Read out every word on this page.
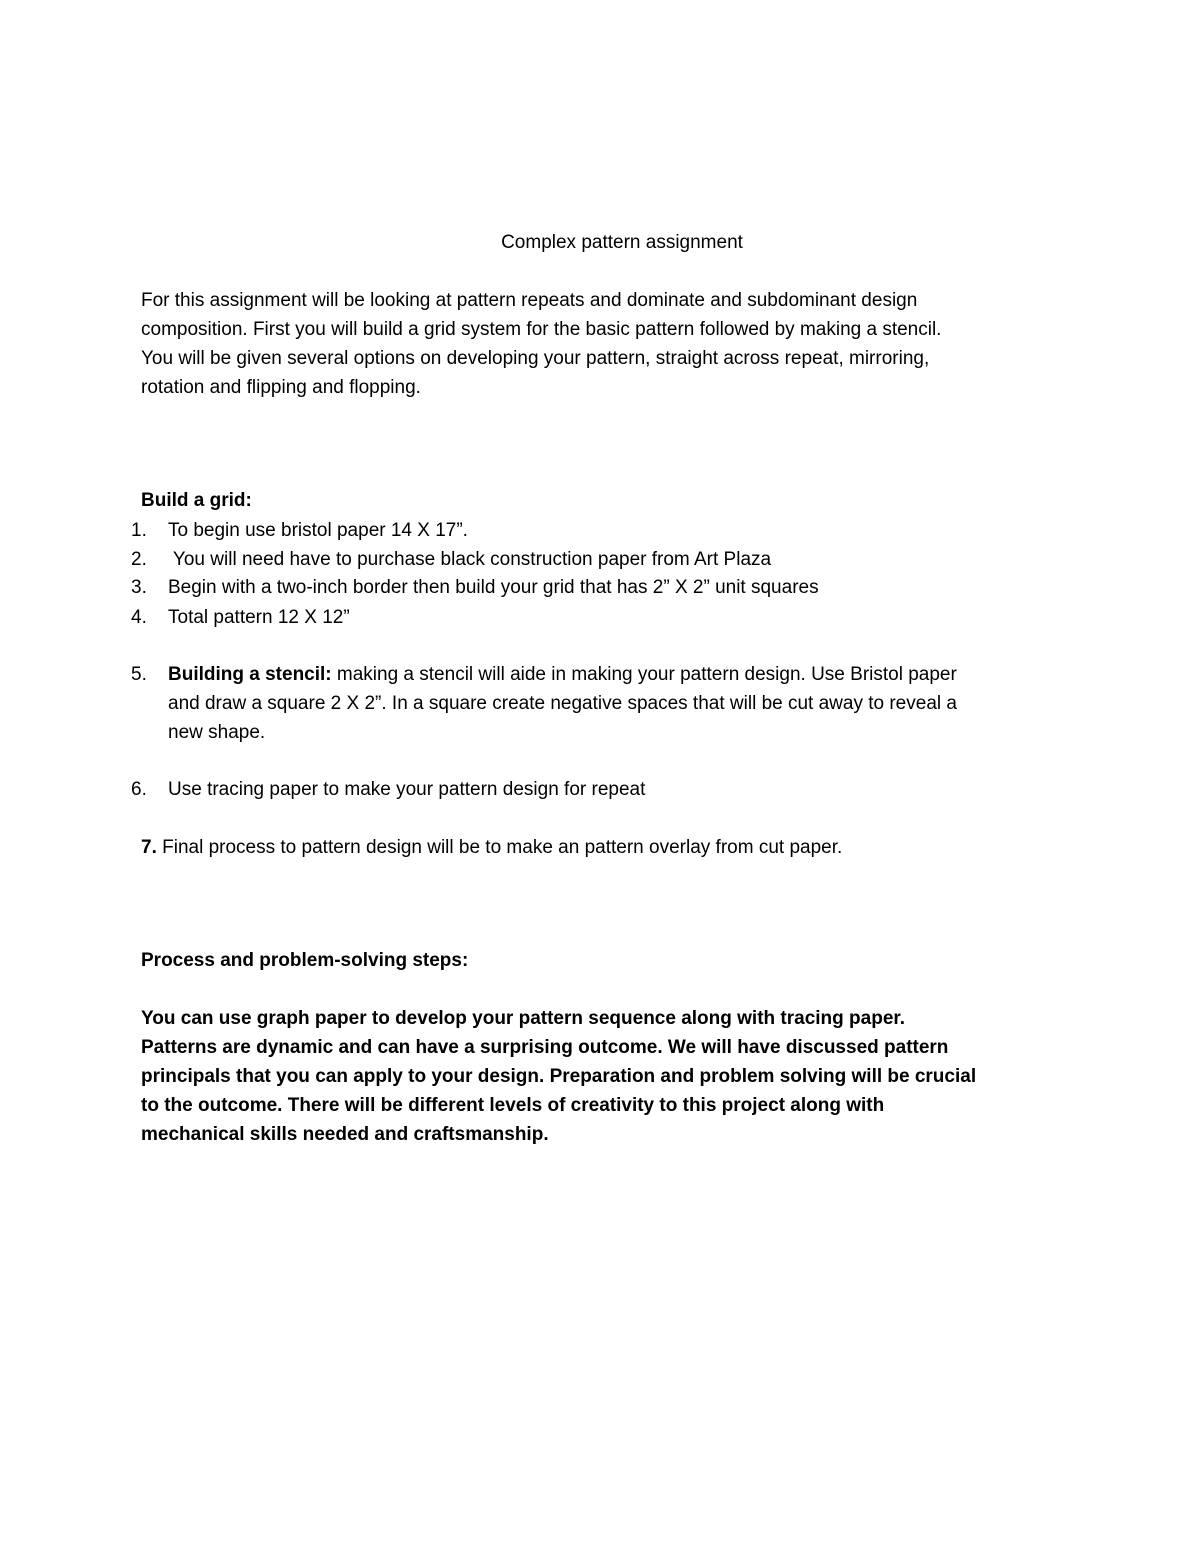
Complex pattern assignment

For this assignment will be looking at pattern repeats and dominate and subdominant design
composition. First you will build a grid system for the basic pattern followed by making a stencil.
You will be given several options on developing your pattern, straight across repeat, mirroring,
rotation and flipping and flopping.

Build a grid:
1. To begin use bristol paper 14 X 17”.
2. You will need have to purchase black construction paper from Art Plaza
3. Begin with a two-inch border then build your grid that has 2” X 2” unit squares
4. Total pattern 12 X 12”
5. Building a stencil: making a stencil will aide in making your pattern design. Use Bristol paper
and draw a square 2 X 2”. In a square create negative spaces that will be cut away to reveal a
new shape.
6. Use tracing paper to make your pattern design for repeat
7. Final process to pattern design will be to make an pattern overlay from cut paper.
Process and problem-solving steps:

You can use graph paper to develop your pattern sequence along with tracing paper.
Patterns are dynamic and can have a surprising outcome. We will have discussed pattern
principals that you can apply to your design. Preparation and problem solving will be crucial
to the outcome. There will be different levels of creativity to this project along with
mechanical skills needed and craftsmanship.
